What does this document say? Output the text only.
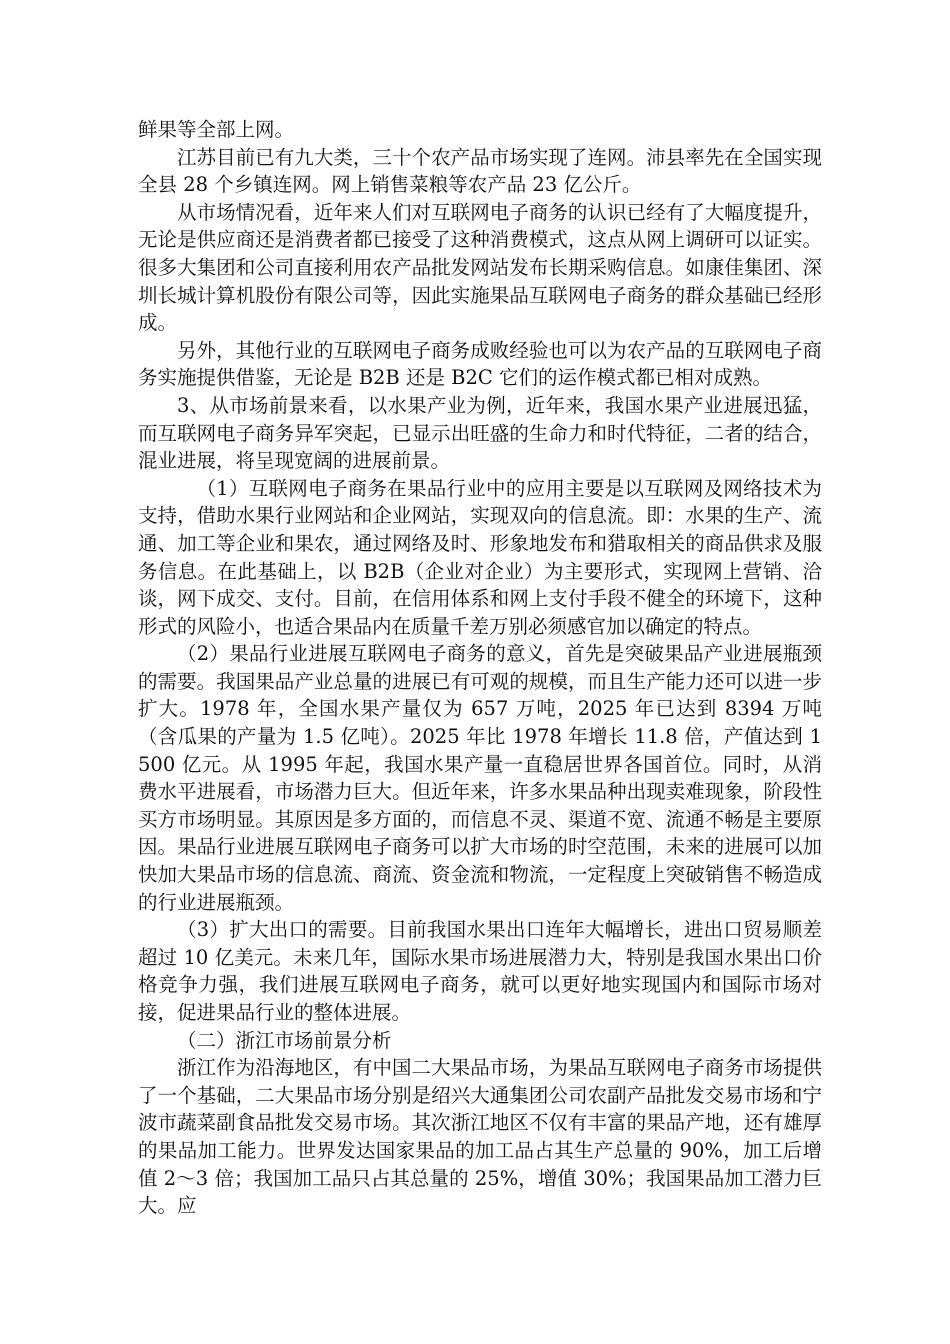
鲜果等全部上网。

江苏目前已有九大类，三十个农产品市场实现了连网。沛县率先在全国实现全县 28 个乡镇连网。网上销售菜粮等农产品 23 亿公斤。

从市场情况看，近年来人们对互联网电子商务的认识已经有了大幅度提升，无论是供应商还是消费者都已接受了这种消费模式，这点从网上调研可以证实。很多大集团和公司直接利用农产品批发网站发布长期采购信息。如康佳集团、深圳长城计算机股份有限公司等，因此实施果品互联网电子商务的群众基础已经形成。

另外，其他行业的互联网电子商务成败经验也可以为农产品的互联网电子商务实施提供借鉴，无论是 B2B 还是 B2C 它们的运作模式都已相对成熟。

3、从市场前景来看，以水果产业为例，近年来，我国水果产业进展迅猛，而互联网电子商务异军突起，已显示出旺盛的生命力和时代特征，二者的结合，混业进展，将呈现宽阔的进展前景。

（1）互联网电子商务在果品行业中的应用主要是以互联网及网络技术为支持，借助水果行业网站和企业网站，实现双向的信息流。即：水果的生产、流通、加工等企业和果农，通过网络及时、形象地发布和猎取相关的商品供求及服务信息。在此基础上，以 B2B（企业对企业）为主要形式，实现网上营销、洽谈，网下成交、支付。目前，在信用体系和网上支付手段不健全的环境下，这种形式的风险小，也适合果品内在质量千差万别必须感官加以确定的特点。

（2）果品行业进展互联网电子商务的意义，首先是突破果品产业进展瓶颈的需要。我国果品产业总量的进展已有可观的规模，而且生产能力还可以进一步扩大。1978 年，全国水果产量仅为 657 万吨，2025 年已达到 8394 万吨（含瓜果的产量为 1.5 亿吨）。2025 年比 1978 年增长 11.8 倍，产值达到 1500 亿元。从 1995 年起，我国水果产量一直稳居世界各国首位。同时，从消费水平进展看，市场潜力巨大。但近年来，许多水果品种出现卖难现象，阶段性买方市场明显。其原因是多方面的，而信息不灵、渠道不宽、流通不畅是主要原因。果品行业进展互联网电子商务可以扩大市场的时空范围，未来的进展可以加快加大果品市场的信息流、商流、资金流和物流，一定程度上突破销售不畅造成的行业进展瓶颈。

（3）扩大出口的需要。目前我国水果出口连年大幅增长，进出口贸易顺差超过 10 亿美元。未来几年，国际水果市场进展潜力大，特别是我国水果出口价格竞争力强，我们进展互联网电子商务，就可以更好地实现国内和国际市场对接，促进果品行业的整体进展。

（二）浙江市场前景分析

浙江作为沿海地区，有中国二大果品市场，为果品互联网电子商务市场提供了一个基础，二大果品市场分别是绍兴大通集团公司农副产品批发交易市场和宁波市蔬菜副食品批发交易市场。其次浙江地区不仅有丰富的果品产地，还有雄厚的果品加工能力。世界发达国家果品的加工品占其生产总量的 90%，加工后增值 2～3 倍；我国加工品只占其总量的 25%，增值 30%；我国果品加工潜力巨大。应
